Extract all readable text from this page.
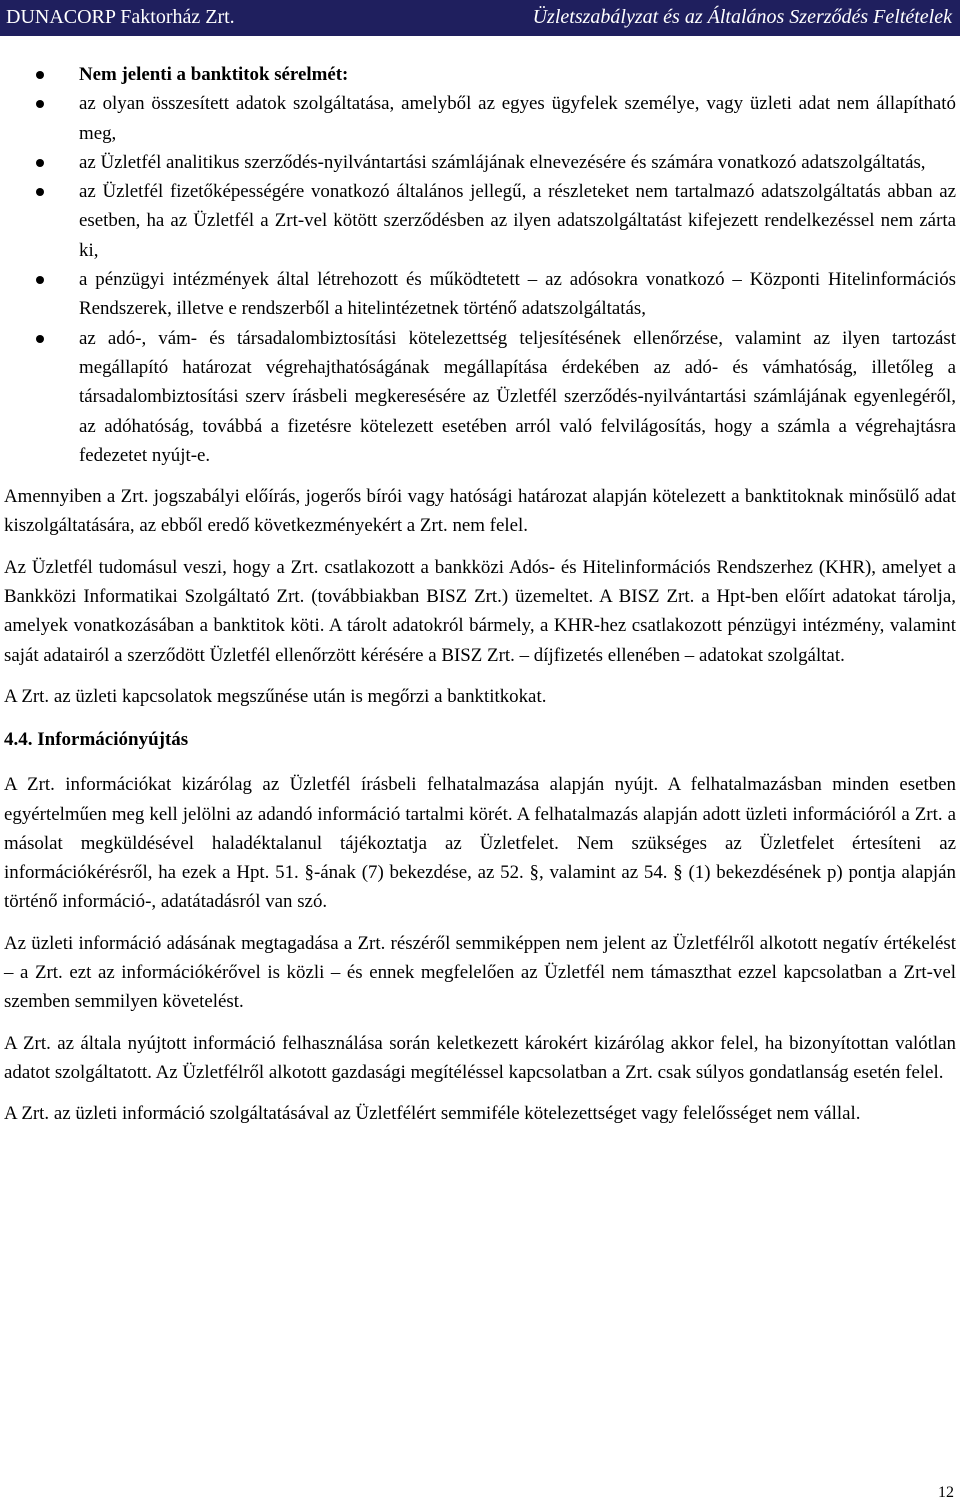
DUNACORP Faktorház Zrt.	Üzletszabályzat és az Általános Szerződés Feltételek
Nem jelenti a banktitok sérelmét:
az olyan összesített adatok szolgáltatása, amelyből az egyes ügyfelek személye, vagy üzleti adat nem állapítható meg,
az Üzletfél analitikus szerződés-nyilvántartási számlájának elnevezésére és számára vonatkozó adatszolgáltatás,
az Üzletfél fizetőképességére vonatkozó általános jellegű, a részleteket nem tartalmazó adatszolgáltatás abban az esetben, ha az Üzletfél a Zrt-vel kötött szerződésben az ilyen adatszolgáltatást kifejezett rendelkezéssel nem zárta ki,
a pénzügyi intézmények által létrehozott és működtetett – az adósokra vonatkozó – Központi Hitelinformációs Rendszerek, illetve e rendszerből a hitelintézetnek történő adatszolgáltatás,
az adó-, vám- és társadalombiztosítási kötelezettség teljesítésének ellenőrzése, valamint az ilyen tartozást megállapító határozat végrehajthatóságának megállapítása érdekében az adó- és vámhatóság, illetőleg a társadalombiztosítási szerv írásbeli megkeresésére az Üzletfél szerződés-nyilvántartási számlájának egyenlegéről, az adóhatóság, továbbá a fizetésre kötelezett esetében arról való felvilágosítás, hogy a számla a végrehajtásra fedezetet nyújt-e.

Amennyiben a Zrt. jogszabályi előírás, jogerős bírói vagy hatósági határozat alapján kötelezett a banktitoknak minősülő adat kiszolgáltatására, az ebből eredő következményekért a Zrt. nem felel.

Az Üzletfél tudomásul veszi, hogy a Zrt. csatlakozott a bankközi Adós- és Hitelinformációs Rendszerhez (KHR), amelyet a Bankközi Informatikai Szolgáltató Zrt. (továbbiakban BISZ Zrt.) üzemeltet. A BISZ Zrt. a Hpt-ben előírt adatokat tárolja, amelyek vonatkozásában a banktitok köti. A tárolt adatokról bármely, a KHR-hez csatlakozott pénzügyi intézmény, valamint saját adatairól a szerződött Üzletfél ellenőrzött kérésére a BISZ Zrt. – díjfizetés ellenében – adatokat szolgáltat.

A Zrt. az üzleti kapcsolatok megszűnése után is megőrzi a banktitkokat.

4.4. Információnyújtás

A Zrt. információkat kizárólag az Üzletfél írásbeli felhatalmazása alapján nyújt. A felhatalmazásban minden esetben egyértelműen meg kell jelölni az adandó információ tartalmi körét. A felhatalmazás alapján adott üzleti információról a Zrt. a másolat megküldésével haladéktalanul tájékoztatja az Üzletfelet. Nem szükséges az Üzletfelet értesíteni az információkérésről, ha ezek a Hpt. 51. §-ának (7) bekezdése, az 52. §, valamint az 54. § (1) bekezdésének p) pontja alapján történő információ-, adatátadásról van szó.

Az üzleti információ adásának megtagadása a Zrt. részéről semmiképpen nem jelent az Üzletfélről alkotott negatív értékelést – a Zrt. ezt az információkérővel is közli – és ennek megfelelően az Üzletfél nem támaszthat ezzel kapcsolatban a Zrt-vel szemben semmilyen követelést.

A Zrt. az általa nyújtott információ felhasználása során keletkezett károkért kizárólag akkor felel, ha bizonyítottan valótlan adatot szolgáltatott. Az Üzletfélről alkotott gazdasági megítéléssel kapcsolatban a Zrt. csak súlyos gondatlanság esetén felel.

A Zrt. az üzleti információ szolgáltatásával az Üzletfélért semmiféle kötelezettséget vagy felelősséget nem vállal.

12
